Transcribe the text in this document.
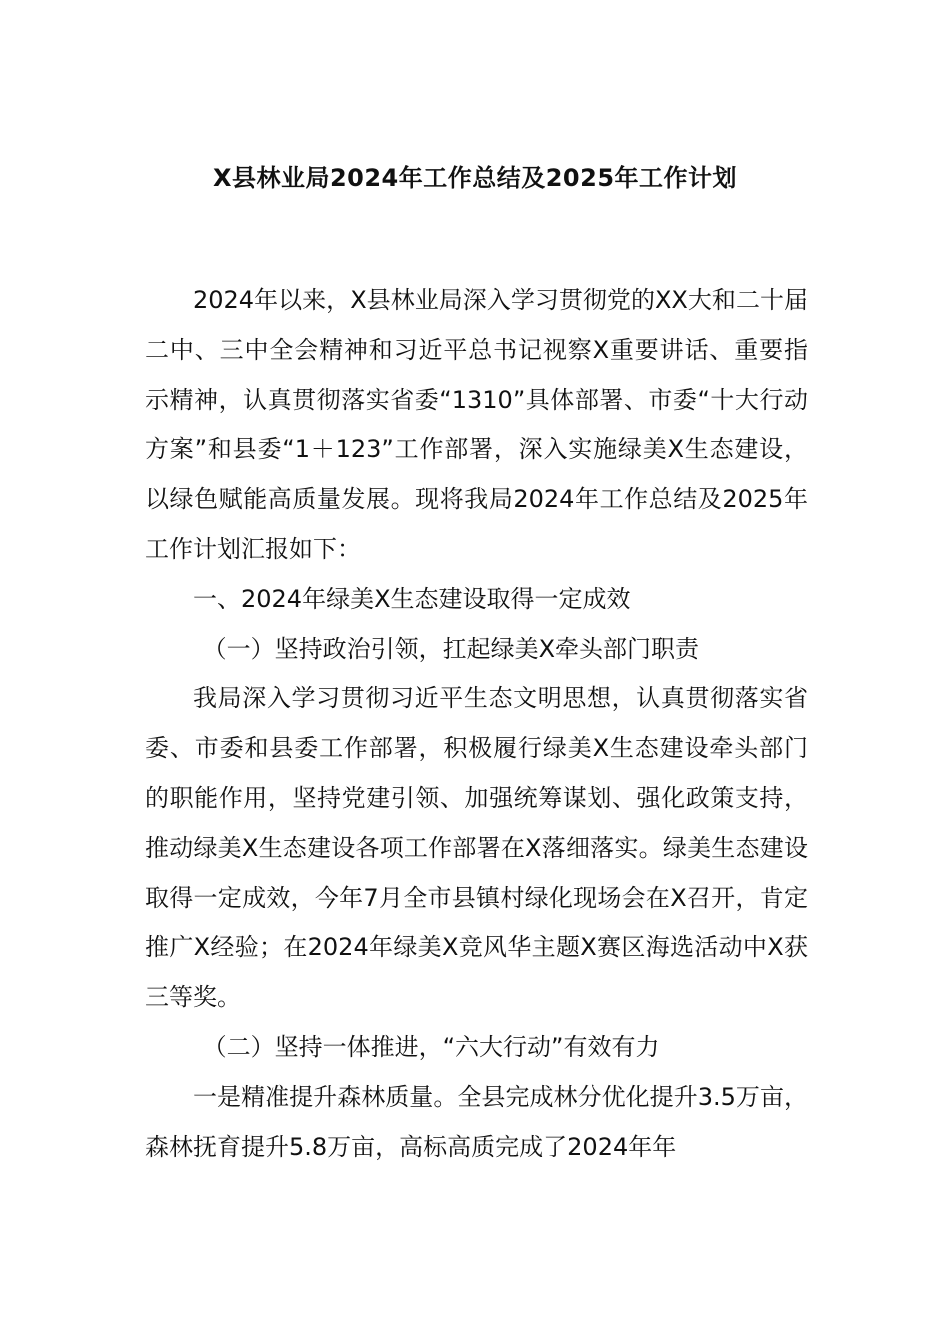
X县林业局2024年工作总结及2025年工作计划

2024年以来，X县林业局深入学习贯彻党的XX大和二十届二中、三中全会精神和习近平总书记视察X重要讲话、重要指示精神，认真贯彻落实省委“1310”具体部署、市委“十大行动方案”和县委“1＋123”工作部署，深入实施绿美X生态建设，以绿色赋能高质量发展。现将我局2024年工作总结及2025年工作计划汇报如下：

一、2024年绿美X生态建设取得一定成效

（一）坚持政治引领，扛起绿美X牵头部门职责

我局深入学习贯彻习近平生态文明思想，认真贯彻落实省委、市委和县委工作部署，积极履行绿美X生态建设牵头部门的职能作用，坚持党建引领、加强统筹谋划、强化政策支持，推动绿美X生态建设各项工作部署在X落细落实。绿美生态建设取得一定成效，今年7月全市县镇村绿化现场会在X召开，肯定推广X经验；在2024年绿美X竞风华主题X赛区海选活动中X获三等奖。

（二）坚持一体推进，“六大行动”有效有力

一是精准提升森林质量。全县完成林分优化提升3.5万亩，森林抚育提升5.8万亩，高标高质完成了2024年年
